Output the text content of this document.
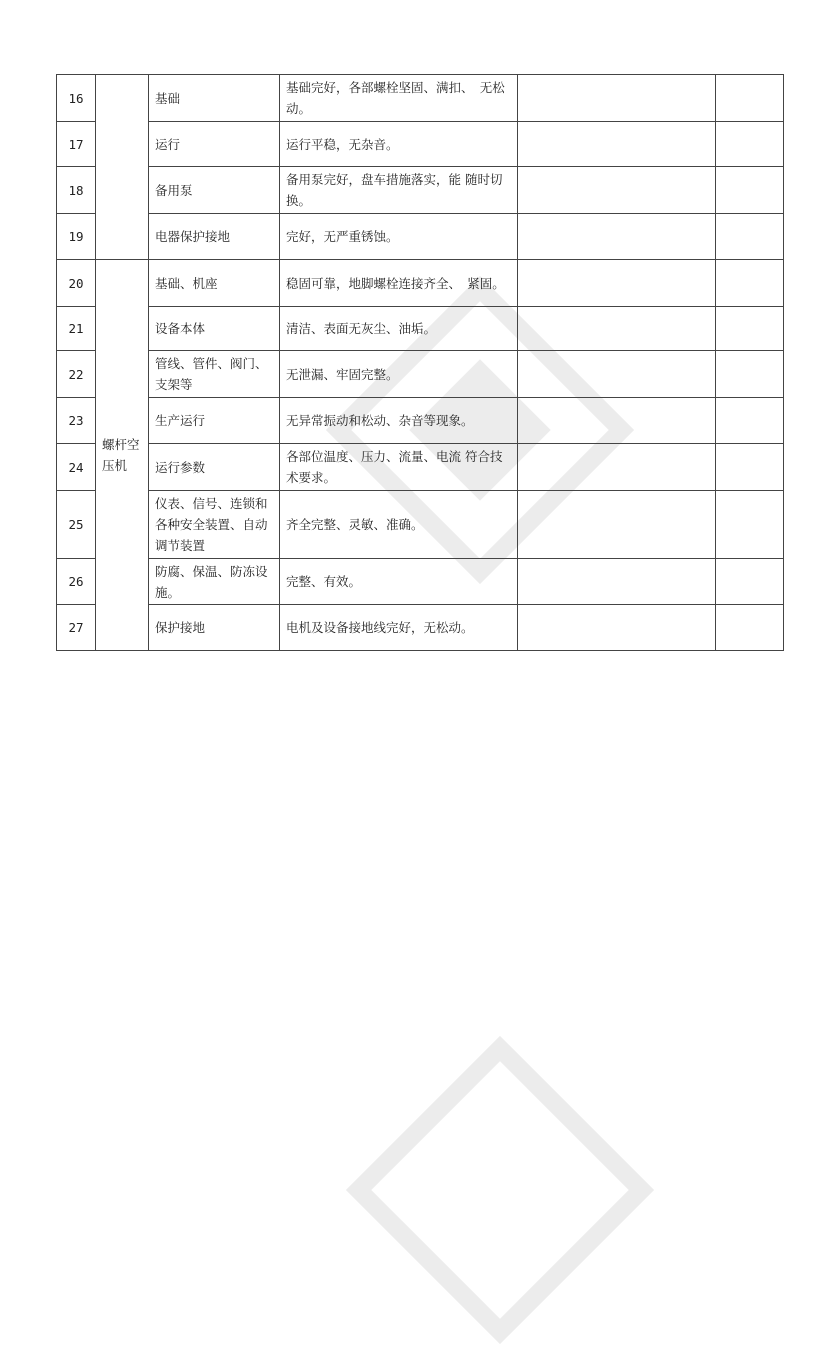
16		基础	基础完好，各部螺栓坚固、满扣、　无松动。		
17		运行	运行平稳，无杂音。		
18		备用泵	备用泵完好，盘车措施落实，能 随时切换。		
19		电器保护接地	完好，无严重锈蚀。		
20	螺杆空压机	基础、机座	稳固可靠，地脚螺栓连接齐全、　紧固。		
21		设备本体	清洁、表面无灰尘、油垢。		
22		管线、管件、阀门、支架等	无泄漏、牢固完整。		
23		生产运行	无异常振动和松动、杂音等现象。		
24		运行参数	各部位温度、压力、流量、电流 符合技术要求。		
25		仪表、信号、连锁和各种安全装置、自动调节装置	齐全完整、灵敏、准确。		
26		防腐、保温、防冻设施。	完整、有效。		
27		保护接地	电机及设备接地线完好，无松动。		
